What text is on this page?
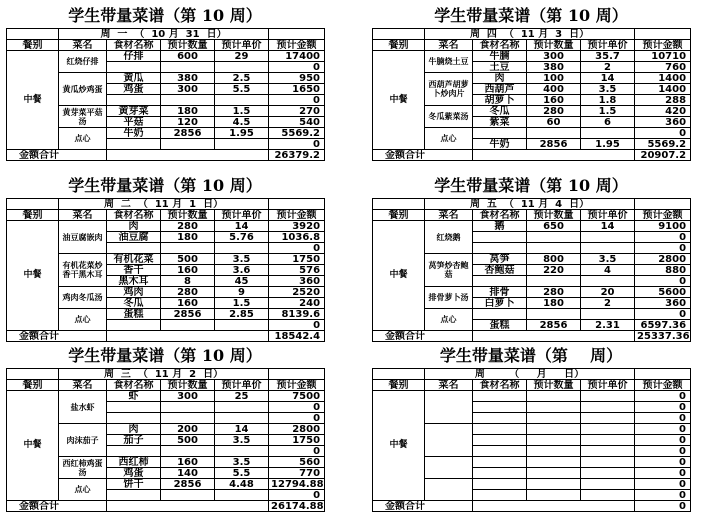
学生带量菜谱（第 10 周）
	周  一  （  10 月  31  日）				
餐别	菜名	食材名称	预计数量	预计单价	预计金额
中餐	红烧仔排	仔排	600	29	17400
					0
	黄瓜炒鸡蛋	黄瓜	380	2.5	950
		鸡蛋	300	5.5	1650
					0
	黄芽菜平菇汤	黄芽菜	180	1.5	270
		平菇	120	4.5	540
	点心	牛奶	2856	1.95	5569.2
					0
金额合计					26379.2
学生带量菜谱（第 10 周）
	周  四  （  11 月  3  日）				
餐别	菜名	食材名称	预计数量	预计单价	预计金额
中餐	牛腩烧土豆	牛腩	300	35.7	10710
		土豆	380	2	760
	西葫芦胡萝卜炒肉片	肉	100	14	1400
		西葫芦	400	3.5	1400
		胡萝卜	160	1.8	288
	冬瓜紫菜汤	冬瓜	280	1.5	420
		紫菜	60	6	360
	点心				0
		牛奶	2856	1.95	5569.2
金额合计					20907.2
学生带量菜谱（第 10 周）
	周  二  （  11 月  1  日）				
餐别	菜名	食材名称	预计数量	预计单价	预计金额
中餐	油豆腐嵌肉	肉	280	14	3920
		油豆腐	180	5.76	1036.8
					0
	有机花菜炒香干黑木耳	有机花菜	500	3.5	1750
		香干	160	3.6	576
		黑木耳	8	45	360
	鸡肉冬瓜汤	鸡肉	280	9	2520
		冬瓜	160	1.5	240
	点心	蛋糕	2856	2.85	8139.6
					0
金额合计					18542.4
学生带量菜谱（第 10 周）
	周  五  （  11 月  4  日）				
餐别	菜名	食材名称	预计数量	预计单价	预计金额
中餐	红烧鹅	鹅	650	14	9100
					0
					0
	莴笋炒杏鲍菇	莴笋	800	3.5	2800
		杏鲍菇	220	4	880
					0
	排骨萝卜汤	排骨	280	20	5600
		白萝卜	180	2	360
	点心				0
		蛋糕	2856	2.31	6597.36
金额合计					25337.36
学生带量菜谱（第 10 周）
	周  三  （  11 月  2  日）				
餐别	菜名	食材名称	预计数量	预计单价	预计金额
中餐	盐水虾	虾	300	25	7500
					0
					0
	肉沫茄子	肉	200	14	2800
		茄子	500	3.5	1750
					0
	西红柿鸡蛋汤	西红柿	160	3.5	560
		鸡蛋	140	5.5	770
	点心	饼干	2856	4.48	12794.88
					0
金额合计					26174.88
学生带量菜谱（第    周）
	周       （     月     日）				
餐别	菜名	食材名称	预计数量	预计单价	预计金额
中餐					0
					0
					0
					0
					0
					0
					0
					0
					0
					0
金额合计					0
